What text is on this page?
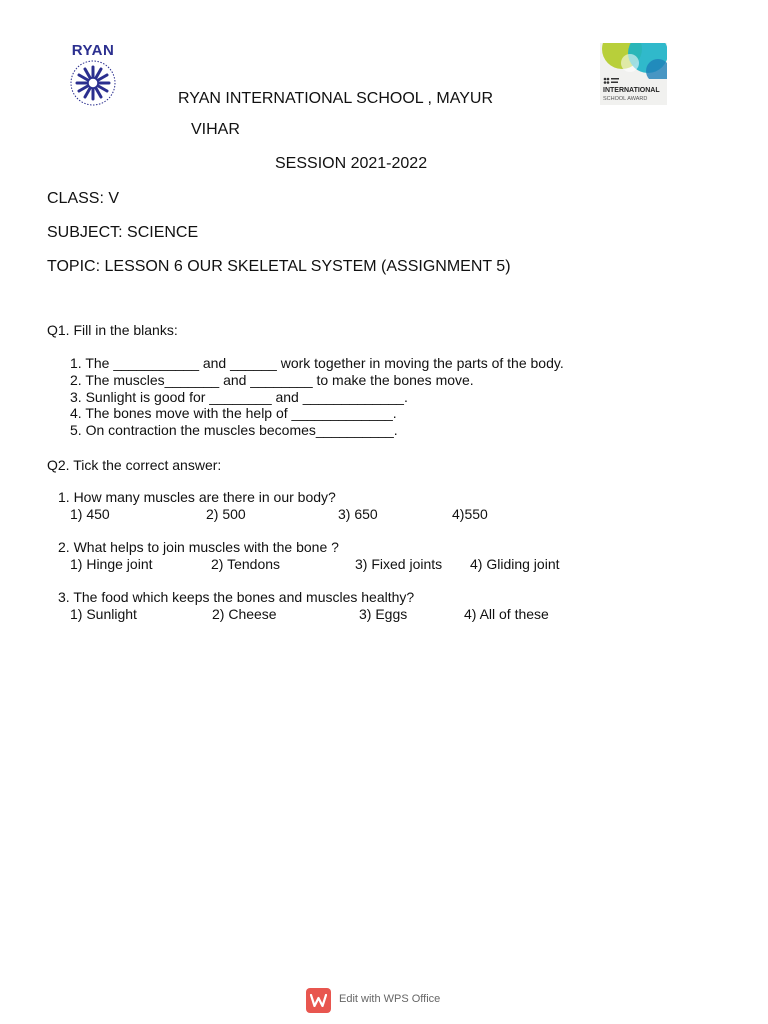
RYAN
INTERNATIONAL
SCHOOL AWARD
RYAN INTERNATIONAL SCHOOL , MAYUR
VIHAR
SESSION 2021-2022
CLASS: V
SUBJECT: SCIENCE
TOPIC: LESSON 6 OUR SKELETAL SYSTEM (ASSIGNMENT 5)
Q1. Fill in the blanks:
1. The ___________ and ______ work together in moving the parts of the body.
2. The muscles_______ and ________ to make the bones move.
3. Sunlight is good for ________ and _____________.
4. The bones move with the help of _____________.
5. On contraction the muscles becomes__________.
Q2. Tick the correct answer:
1. How many muscles are there in our body?
1) 450	2) 500	3) 650	4)550
2. What helps to join muscles with the bone ?
1) Hinge joint	2) Tendons	3) Fixed joints 4) Gliding joint
3. The food which keeps the bones and muscles healthy?
1) Sunlight	2) Cheese	3) Eggs	4) All of these
Edit with WPS Office
